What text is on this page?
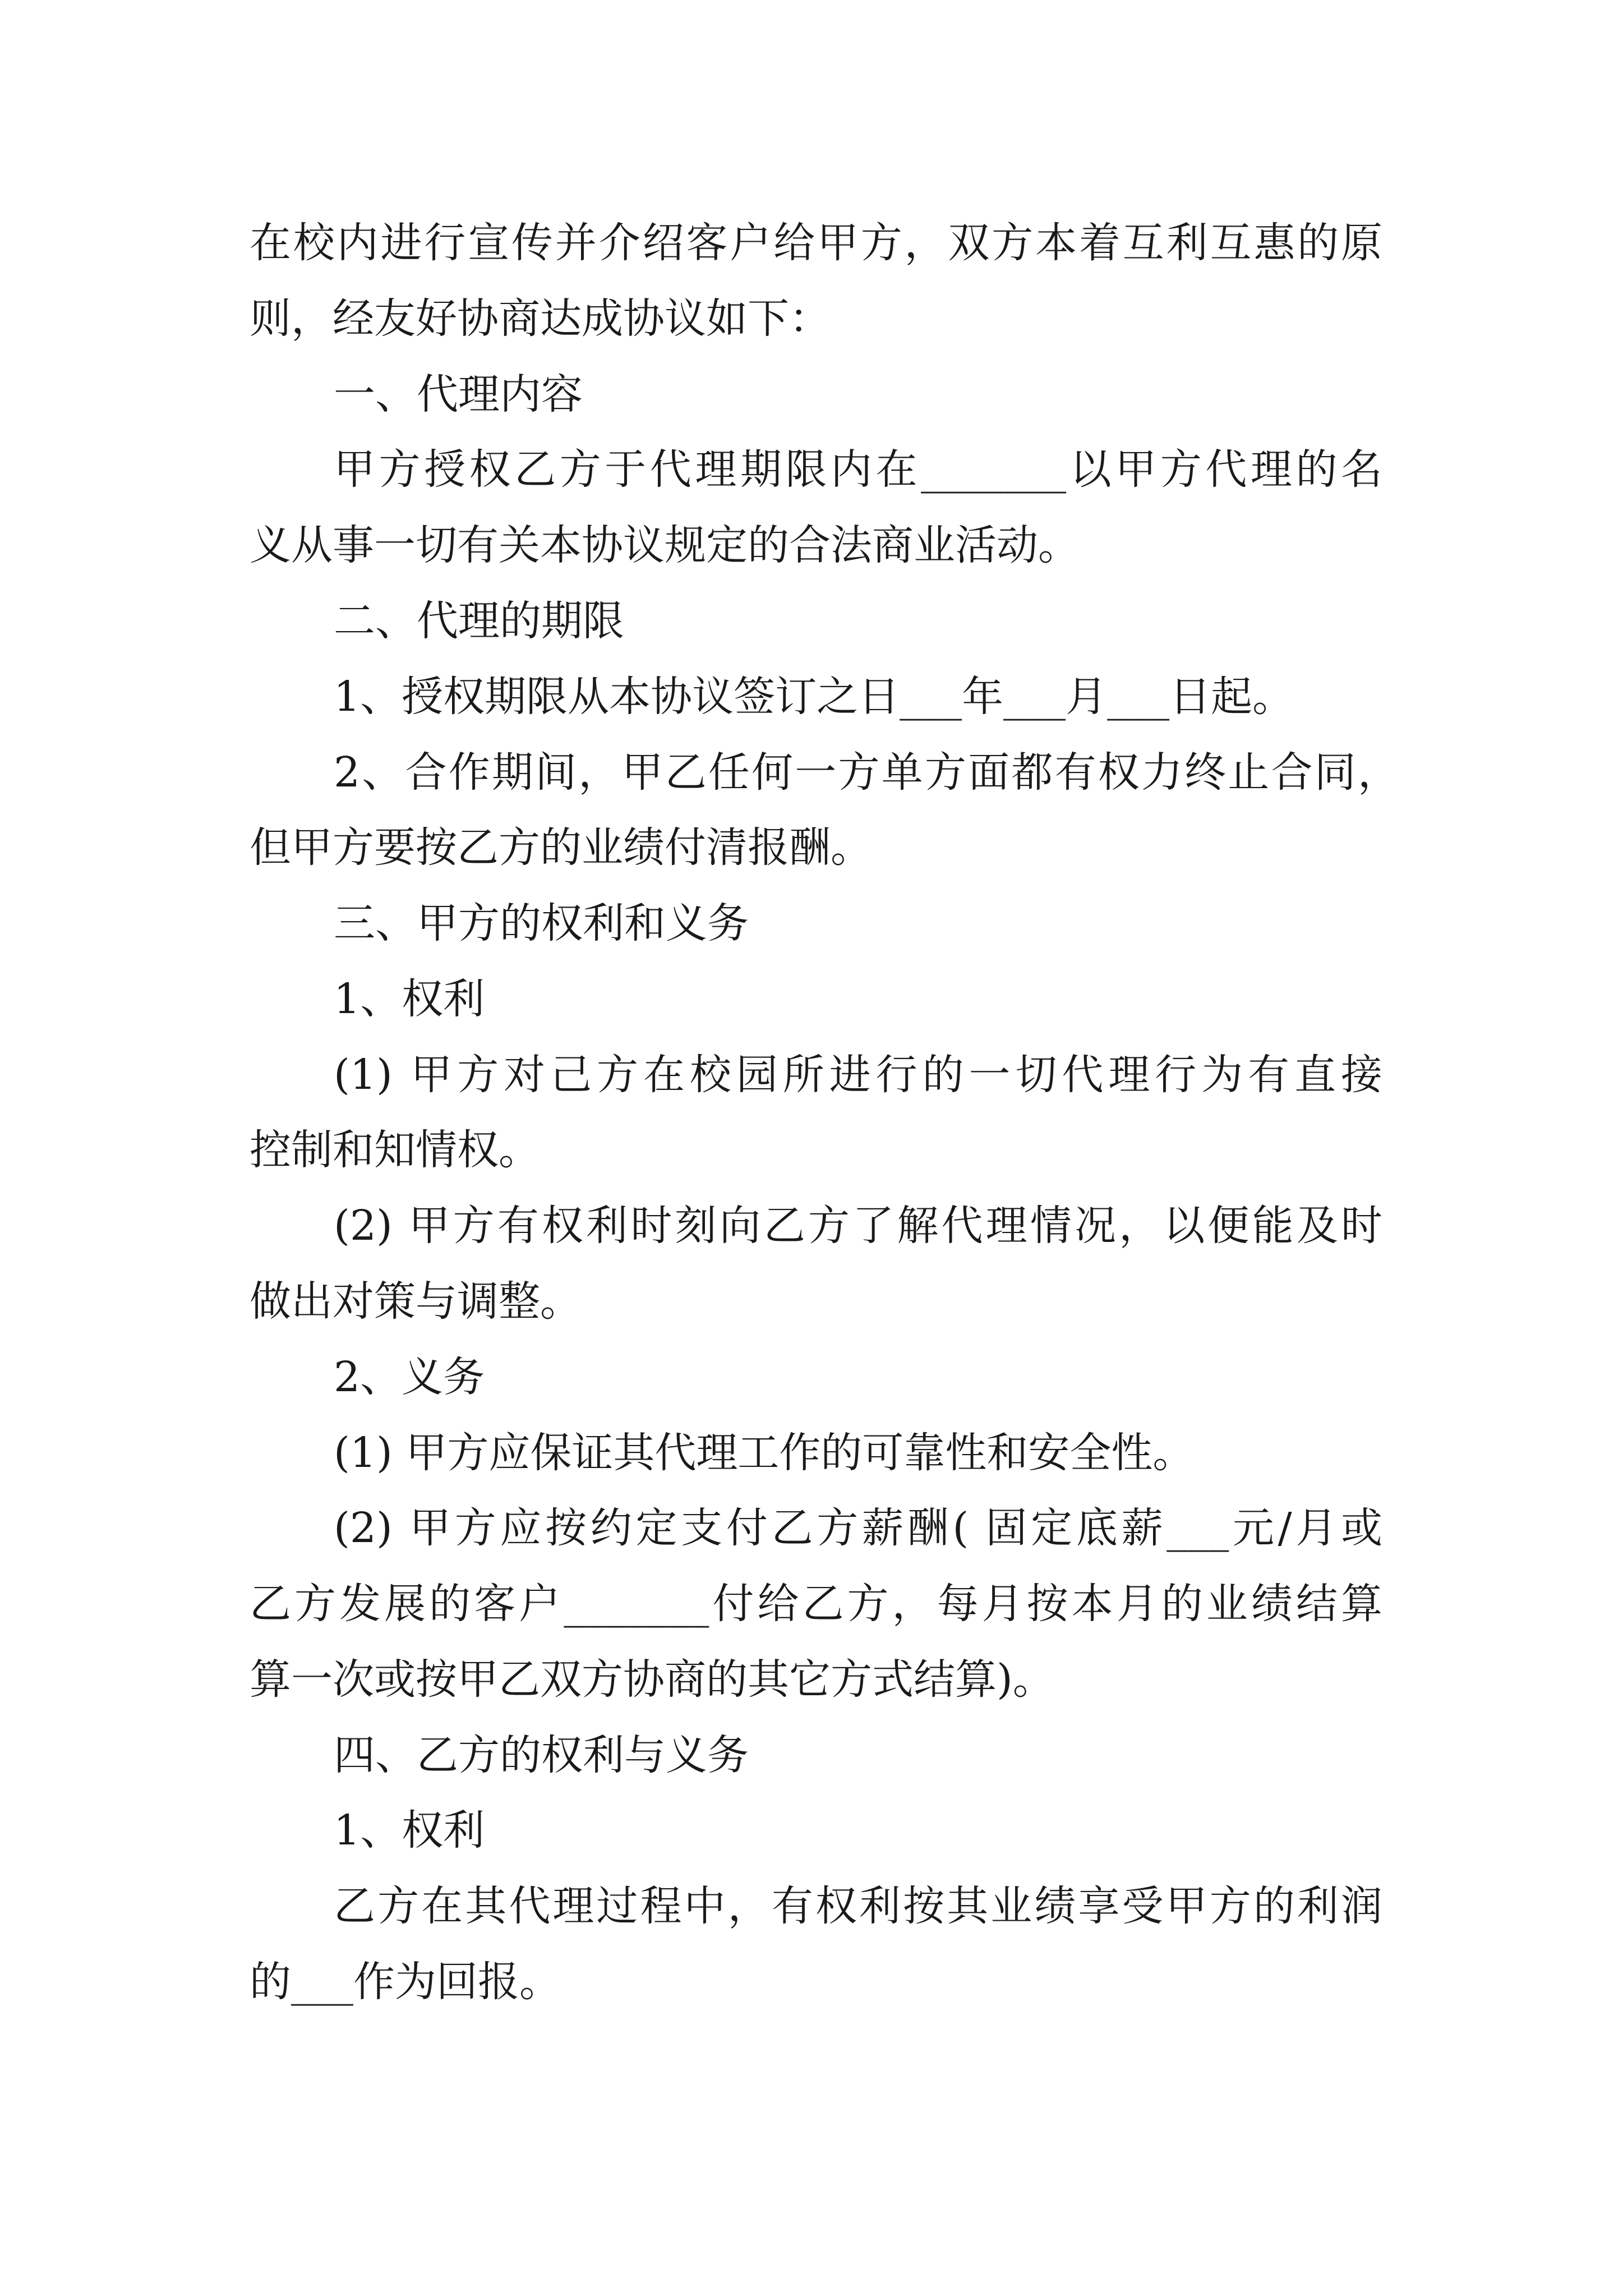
在校内进行宣传并介绍客户给甲方，双方本着互利互惠的原
则，经友好协商达成协议如下：
一、代理内容
甲方授权乙方于代理期限内在_______以甲方代理的名
义从事一切有关本协议规定的合法商业活动。
二、代理的期限
1、授权期限从本协议签订之日___年___月___日起。
2、合作期间，甲乙任何一方单方面都有权力终止合同，
但甲方要按乙方的业绩付清报酬。
三、甲方的权利和义务
1、权利
(1) 甲方对己方在校园所进行的一切代理行为有直接
控制和知情权。
(2) 甲方有权利时刻向乙方了解代理情况，以便能及时
做出对策与调整。
2、义务
(1) 甲方应保证其代理工作的可靠性和安全性。
(2) 甲方应按约定支付乙方薪酬( 固定底薪___元/月或
乙方发展的客户_______付给乙方，每月按本月的业绩结算
算一次或按甲乙双方协商的其它方式结算)。
四、乙方的权利与义务
1、权利
乙方在其代理过程中，有权利按其业绩享受甲方的利润
的___作为回报。
